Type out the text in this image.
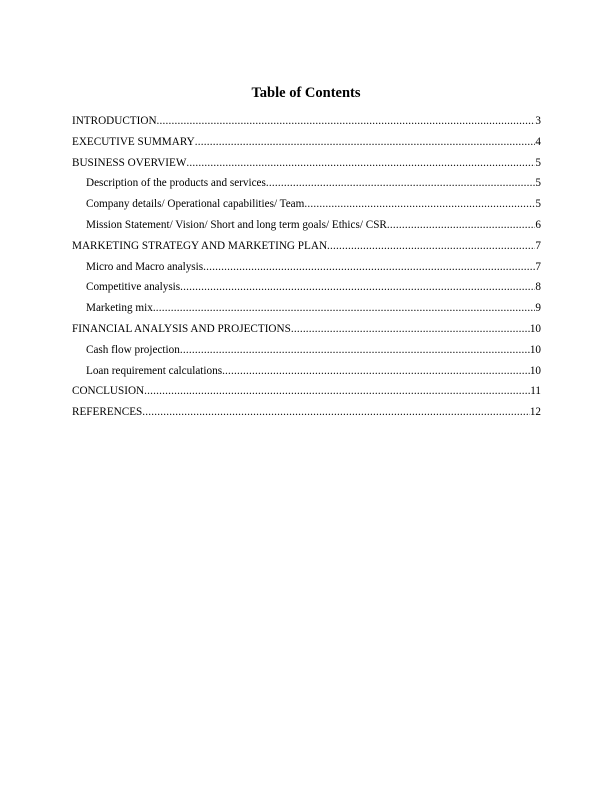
Table of Contents
INTRODUCTION .....	3
EXECUTIVE SUMMARY .....	4
BUSINESS OVERVIEW .....	5
Description of the products and services .....	5
Company details/ Operational capabilities/ Team .....	5
Mission Statement/ Vision/ Short and long term goals/ Ethics/ CSR .....	6
MARKETING STRATEGY AND MARKETING PLAN .....	7
Micro and Macro analysis .....	7
Competitive analysis .....	8
Marketing mix .....	9
FINANCIAL ANALYSIS AND PROJECTIONS .....	10
Cash flow projection .....	10
Loan requirement calculations .....	10
CONCLUSION .....	11
REFERENCES .....	12
